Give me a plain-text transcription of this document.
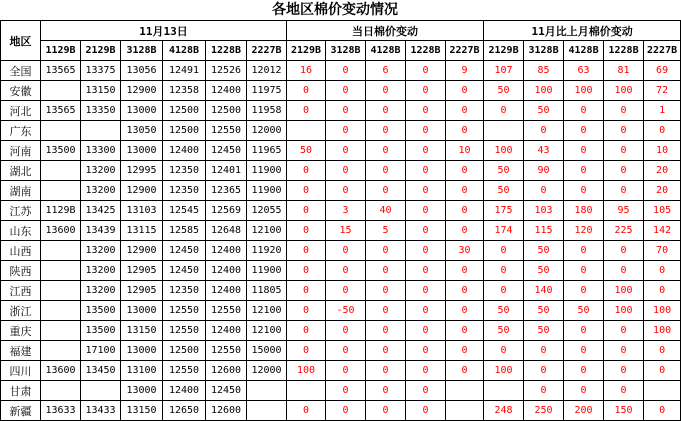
各地区棉价变动情况
地区	11月13日						当日棉价变动					11月比上月棉价变动				
	1129B	2129B	3128B	4128B	1228B	2227B	2129B	3128B	4128B	1228B	2227B	2129B	3128B	4128B	1228B	2227B
全国	13565	13375	13056	12491	12526	12012	16	0	6	0	9	107	85	63	81	69
安徽		13150	12900	12358	12400	11975	0	0	0	0	0	50	100	100	100	72
河北	13565	13350	13000	12500	12500	11958	0	0	0	0	0	0	50	0	0	1
广东			13050	12500	12550	12000		0	0	0	0		0	0	0	0
河南	13500	13300	13000	12400	12450	11965	50	0	0	0	10	100	43	0	0	10
湖北		13200	12995	12350	12401	11900	0	0	0	0	0	50	90	0	0	20
湖南		13200	12900	12350	12365	11900	0	0	0	0	0	50	0	0	0	20
江苏	1129B	13425	13103	12545	12569	12055	0	3	40	0	0	175	103	180	95	105
山东	13600	13439	13115	12585	12648	12100	0	15	5	0	0	174	115	120	225	142
山西		13200	12900	12450	12400	11920	0	0	0	0	30	0	50	0	0	70
陕西		13200	12905	12450	12400	11900	0	0	0	0	0	0	50	0	0	0
江西		13200	12905	12350	12400	11805	0	0	0	0	0	0	140	0	100	0
浙江		13500	13000	12550	12550	12100	0	-50	0	0	0	50	50	50	100	100
重庆		13500	13150	12550	12400	12100	0	0	0	0	0	50	50	0	0	100
福建		17100	13000	12500	12550	15000	0	0	0	0	0	0	0	0	0	0
四川	13600	13450	13100	12550	12600	12000	100	0	0	0	0	100	0	0	0	0
甘肃			13000	12400	12450			0	0	0			0	0	0	
新疆	13633	13433	13150	12650	12600		0	0	0	0		248	250	200	150	0
